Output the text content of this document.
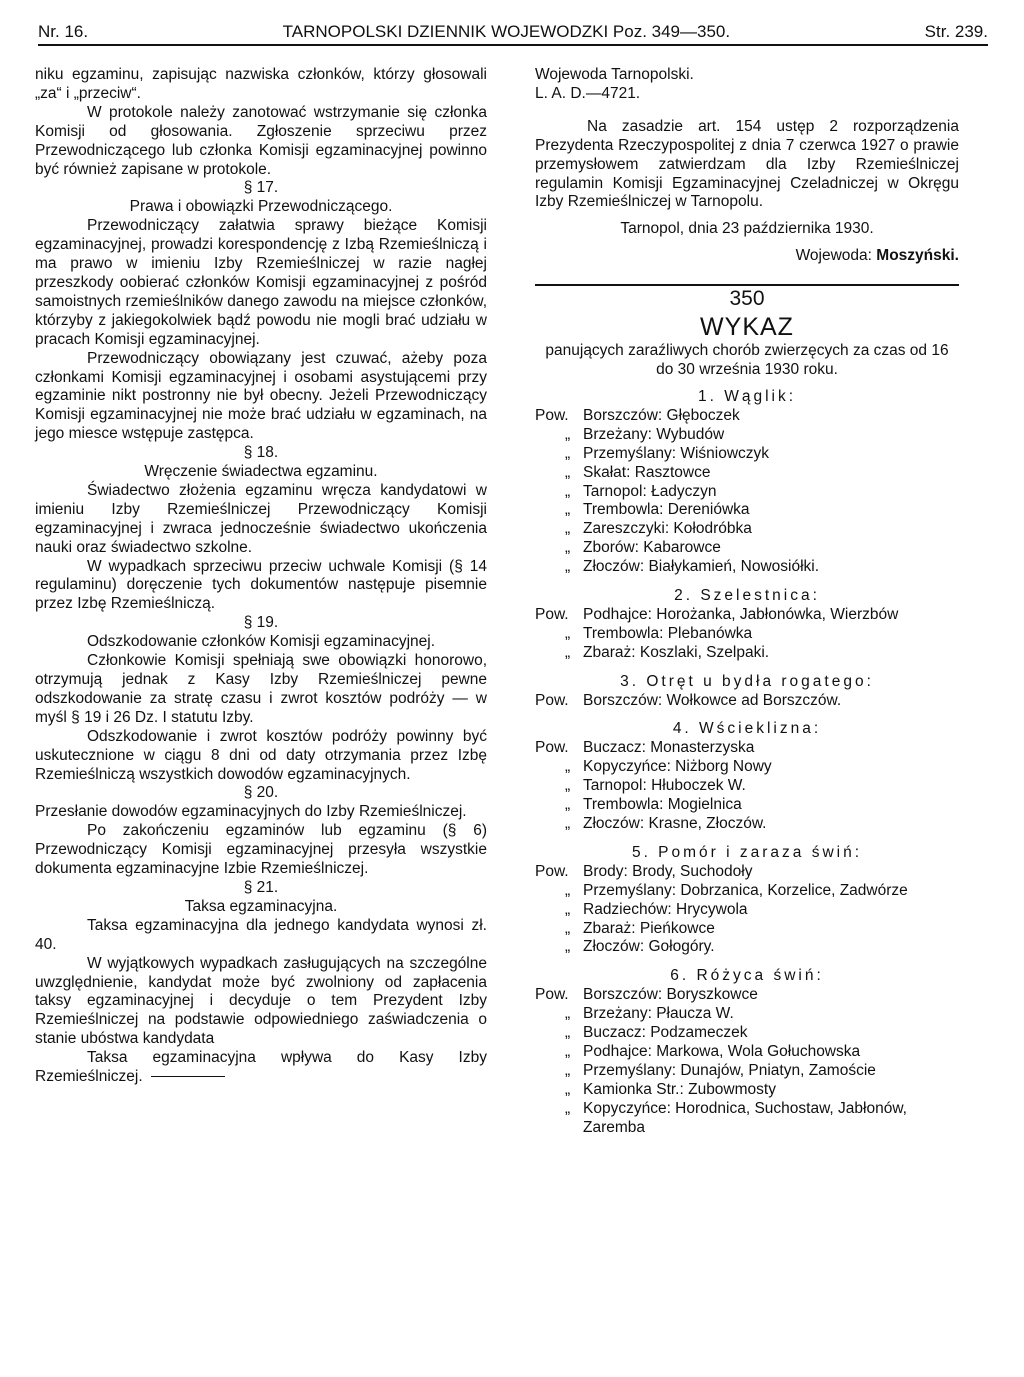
Nr. 16.	TARNOPOLSKI DZIENNIK WOJEWODZKI Poz. 349—350.	Str. 239.

niku egzaminu, zapisując nazwiska członków, którzy głosowali „za“ i „przeciw“.

W protokole należy zanotować wstrzymanie się członka Komisji od głosowania. Zgłoszenie sprzeciwu przez Przewodniczącego lub członka Komisji egzaminacyjnej powinno być również zapisane w protokole.

§ 17.

Prawa i obowiązki Przewodniczącego.

Przewodniczący załatwia sprawy bieżące Komisji egzaminacyjnej, prowadzi korespondencję z Izbą Rzemieślniczą i ma prawo w imieniu Izby Rzemieślniczej w razie nagłej przeszkody oobierać członków Komisji egzaminacyjnej z pośród samoistnych rzemieślników danego zawodu na miejsce członków, którzyby z jakiegokolwiek bądź powodu nie mogli brać udziału w pracach Komisji egzaminacyjnej.

Przewodniczący obowiązany jest czuwać, ażeby poza członkami Komisji egzaminacyjnej i osobami asystującemi przy egzaminie nikt postronny nie był obecny. Jeżeli Przewodniczący Komisji egzaminacyjnej nie może brać udziału w egzaminach, na jego miesce wstępuje zastępca.

§ 18.

Wręczenie świadectwa egzaminu.

Świadectwo złożenia egzaminu wręcza kandydatowi w imieniu Izby Rzemieślniczej Przewodniczący Komisji egzaminacyjnej i zwraca jednocześnie świadectwo ukończenia nauki oraz świadectwo szkolne.

W wypadkach sprzeciwu przeciw uchwale Komisji (§ 14 regulaminu) doręczenie tych dokumentów następuje pisemnie przez Izbę Rzemieślniczą.

§ 19.

Odszkodowanie członków Komisji egzaminacyjnej.

Członkowie Komisji spełniają swe obowiązki honorowo, otrzymują jednak z Kasy Izby Rzemieślniczej pewne odszkodowanie za stratę czasu i zwrot kosztów podróży — w myśl § 19 i 26 Dz. I statutu Izby.

Odszkodowanie i zwrot kosztów podróży powinny być uskutecznione w ciągu 8 dni od daty otrzymania przez Izbę Rzemieślniczą wszystkich dowodów egzaminacyjnych.

§ 20.

Przesłanie dowodów egzaminacyjnych do Izby Rzemieślniczej.

Po zakończeniu egzaminów lub egzaminu (§ 6) Przewodniczący Komisji egzaminacyjnej przesyła wszystkie dokumenta egzaminacyjne Izbie Rzemieślniczej.

§ 21.

Taksa egzaminacyjna.

Taksa egzaminacyjna dla jednego kandydata wynosi zł. 40.

W wyjątkowych wypadkach zasługujących na szczególne uwzględnienie, kandydat może być zwolniony od zapłacenia taksy egzaminacyjnej i decyduje o tem Prezydent Izby Rzemieślniczej na podstawie odpowiedniego zaświadczenia o stanie ubóstwa kandydata

Taksa egzaminacyjna wpływa do Kasy Izby Rzemieślniczej.

Wojewoda Tarnopolski.

L. A. D.—4721.

Na zasadzie art. 154 ustęp 2 rozporządzenia Prezydenta Rzeczypospolitej z dnia 7 czerwca 1927 o prawie przemysłowem zatwierdzam dla Izby Rzemieślniczej regulamin Komisji Egzaminacyjnej Czeladniczej w Okręgu Izby Rzemieślniczej w Tarnopolu.

Tarnopol, dnia 23 października 1930.

Wojewoda: Moszyński.

350

WYKAZ

panujących zaraźliwych chorób zwierzęcych za czas od 16 do 30 września 1930 roku.

1. Wąglik:

Pow. Borszczów: Głęboczek
„ Brzeżany: Wybudów
„ Przemyślany: Wiśniowczyk
„ Skałat: Rasztowce
„ Tarnopol: Ładyczyn
„ Trembowla: Dereniówka
„ Zareszczyki: Kołodróbka
„ Zborów: Kabarowce
„ Złoczów: Białykamień, Nowosiółki.

2. Szelestnica:

Pow. Podhajce: Horożanka, Jabłonówka, Wierzbów
„ Trembowla: Plebanówka
„ Zbaraż: Koszlaki, Szelpaki.

3. Otręt u bydła rogatego:

Pow. Borszczów: Wołkowce ad Borszczów.

4. Wścieklizna:

Pow. Buczacz: Monasterzyska
„ Kopyczyńce: Niżborg Nowy
„ Tarnopol: Hłuboczek W.
„ Trembowla: Mogielnica
„ Złoczów: Krasne, Złoczów.

5. Pomór i zaraza świń:

Pow. Brody: Brody, Suchodoły
„ Przemyślany: Dobrzanica, Korzelice, Zadwórze
„ Radziechów: Hrycywola
„ Zbaraż: Pieńkowce
„ Złoczów: Gołogóry.

6. Różyca świń:

Pow. Borszczów: Boryszkowce
„ Brzeżany: Płaucza W.
„ Buczacz: Podzameczek
„ Podhajce: Markowa, Wola Gołuchowska
„ Przemyślany: Dunajów, Pniatyn, Zamoście
„ Kamionka Str.: Zubowmosty
„ Kopyczyńce: Horodnica, Suchostaw, Jabłonów, Zaremba
